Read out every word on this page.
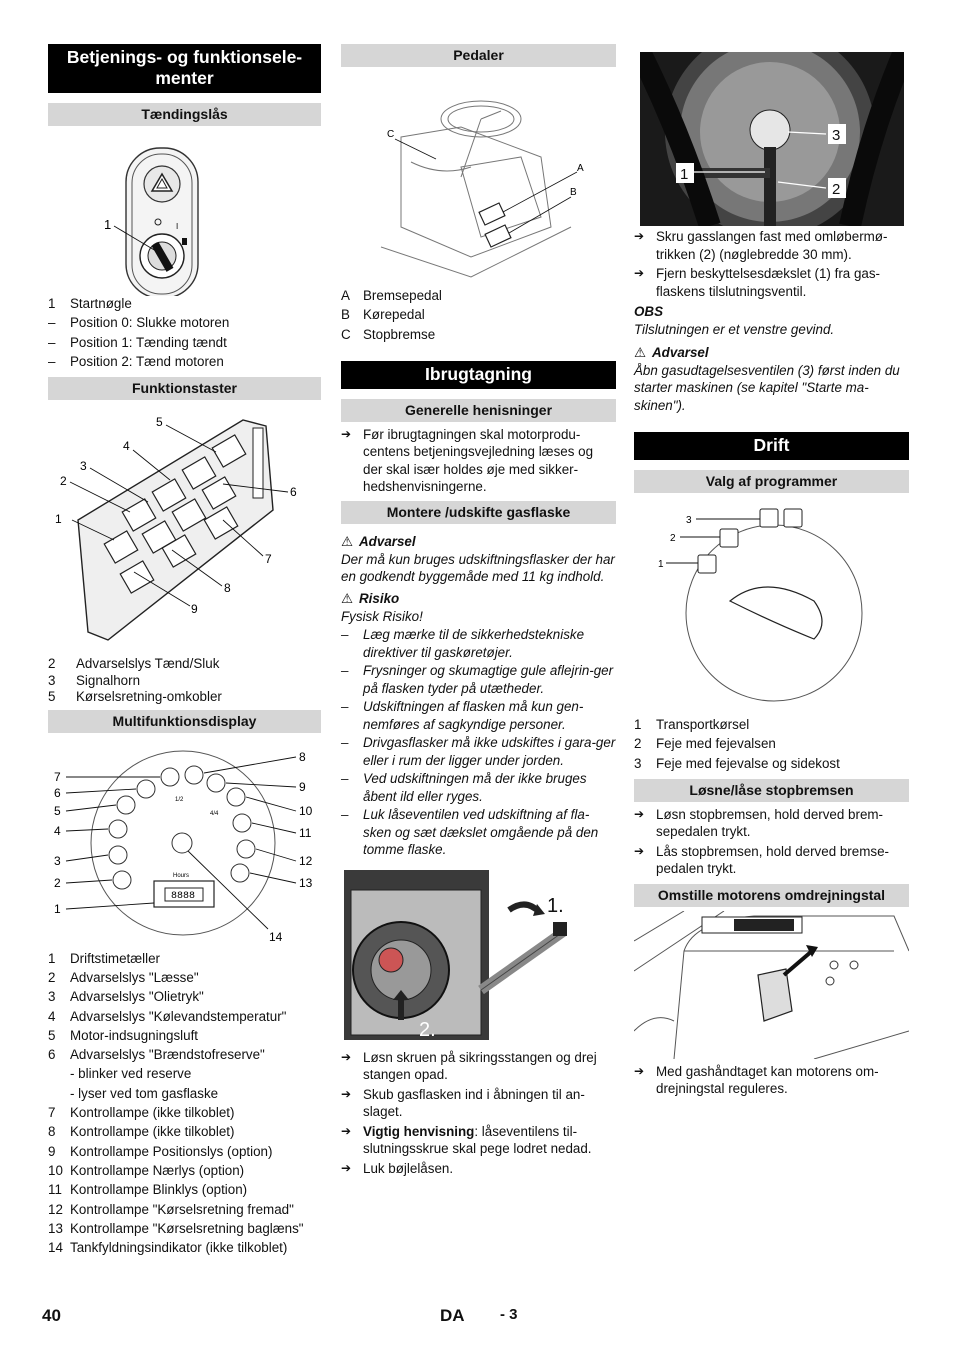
Betjenings- og funktionsele-
menter
Tændingslås
I
1
1	Startnøgle
–	Position 0: Slukke motoren
–	Position 1: Tænding tændt
–	Position 2: Tænd motoren
Funktionstaster
1
2
3
4
5
6
7
8
9
2	Advarselslys Tænd/Sluk
3	Signalhorn
5	Kørselsretning-omkobler
Multifunktionsdisplay
1/2
4/4
8888
Hours
1
2
3
4
5
6
7
8
9
10
11
12
13
14
1	Driftstimetæller
2	Advarselslys "Læsse"
3	Advarselslys "Olietryk"
4	Advarselslys "Kølevandstemperatur"
5	Motor-indsugningsluft
6	Advarselslys "Brændstofreserve"
- blinker ved reserve
- lyser ved tom gasflaske
7	Kontrollampe (ikke tilkoblet)
8	Kontrollampe (ikke tilkoblet)
9	Kontrollampe Positionslys (option)
10 Kontrollampe Nærlys (option)
11 Kontrollampe Blinklys (option)
12 Kontrollampe "Kørselsretning fremad"
13 Kontrollampe "Kørselsretning baglæns"
14 Tankfyldningsindikator (ikke tilkoblet)
Pedaler
A
B
C
A Bremsepedal
B Kørepedal
C Stopbremse
Ibrugtagning
Generelle henisninger
➔ Før ibrugtagningen skal motorprodu-centens betjeningsvejledning læses og der skal især holdes øje med sikker-hedshenvisningerne.
Montere /udskifte gasflaske
⚠ Advarsel
Der må kun bruges udskiftningsflasker der har en godkendt byggemåde med 11 kg indhold.
⚠ Risiko
Fysisk Risiko!
–	Læg mærke til de sikkerhedstekniske direktiver til gaskøretøjer.
–	Frysninger og skumagtige gule aflejrin-ger på flasken tyder på utætheder.
–	Udskiftningen af flasken må kun gen-nemføres af sagkyndige personer.
–	Drivgasflasker må ikke udskiftes i gara-ger eller i rum der ligger under jorden.
–	Ved udskiftningen må der ikke bruges åbent ild eller ryges.
–	Luk låseventilen ved udskiftning af fla-sken og sæt dækslet omgående på den tomme flaske.
1.
2.
➔ Løsn skruen på sikringsstangen og drej stangen opad.
➔ Skub gasflasken ind i åbningen til an-slaget.
➔ Vigtig henvisning: låseventilens til-slutningsskrue skal pege lodret nedad.
➔ Luk bøjlelåsen.
1
2
3
➔ Skru gasslangen fast med omløbermø-trikken (2) (nøglebredde 30 mm).
➔ Fjern beskyttelsesdækslet (1) fra gas-flaskens tilslutningsventil.
OBS
Tilslutningen er et venstre gevind.
⚠ Advarsel
Åbn gasudtagelsesventilen (3) først inden du starter maskinen (se kapitel "Starte ma-skinen").
Drift
Valg af programmer
1
2
3
1	Transportkørsel
2	Feje med fejevalsen
3	Feje med fejevalse og sidekost
Løsne/låse stopbremsen
➔ Løsn stopbremsen, hold derved brem-sepedalen trykt.
➔ Lås stopbremsen, hold derved bremse-pedalen trykt.
Omstille motorens omdrejningstal
➔ Med gashåndtaget kan motorens om-drejningstal reguleres.
40	DA - 3
